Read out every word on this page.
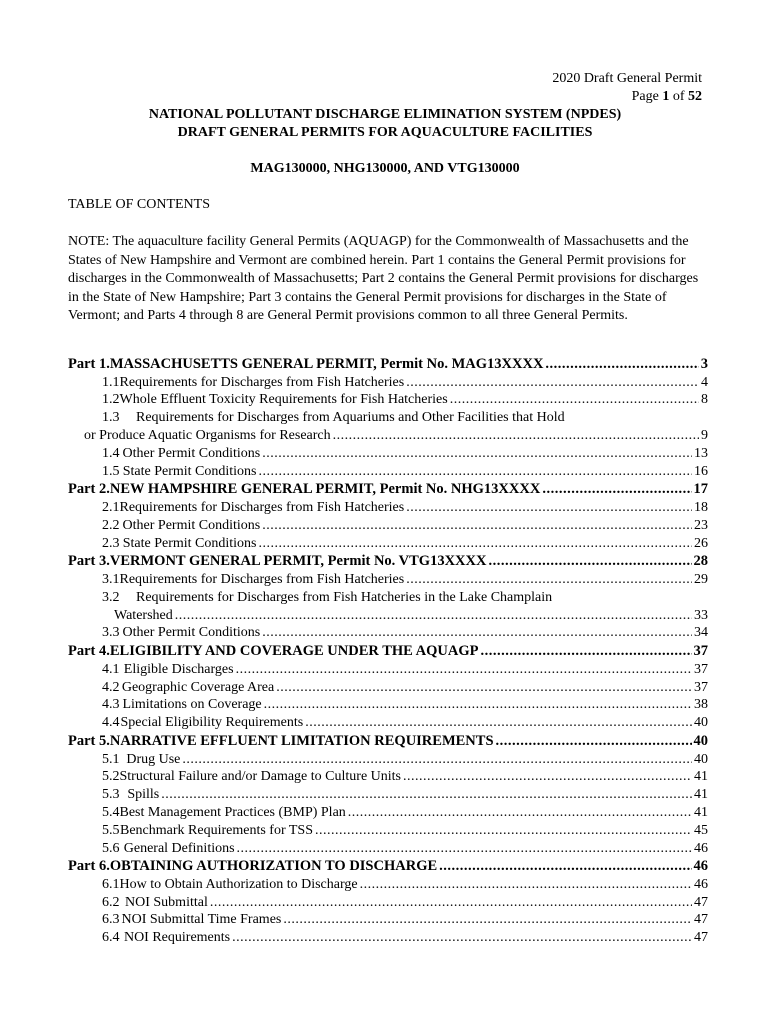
2020 Draft General Permit
Page 1 of 52
NATIONAL POLLUTANT DISCHARGE ELIMINATION SYSTEM (NPDES)
DRAFT GENERAL PERMITS FOR AQUACULTURE FACILITIES
MAG130000, NHG130000, AND VTG130000
TABLE OF CONTENTS
NOTE: The aquaculture facility General Permits (AQUAGP) for the Commonwealth of Massachusetts and the States of New Hampshire and Vermont are combined herein. Part 1 contains the General Permit provisions for discharges in the Commonwealth of Massachusetts; Part 2 contains the General Permit provisions for discharges in the State of New Hampshire; Part 3 contains the General Permit provisions for discharges in the State of Vermont; and Parts 4 through 8 are General Permit provisions common to all three General Permits.
Part 1. MASSACHUSETTS GENERAL PERMIT, Permit No. MAG13XXXX .....	3
1.1 Requirements for Discharges from Fish Hatcheries .....	4
1.2 Whole Effluent Toxicity Requirements for Fish Hatcheries .....	8
1.3 Requirements for Discharges from Aquariums and Other Facilities that Hold
or Produce Aquatic Organisms for Research .....	9
1.4 Other Permit Conditions .....	13
1.5 State Permit Conditions .....	16
Part 2. NEW HAMPSHIRE GENERAL PERMIT, Permit No. NHG13XXXX .....	17
2.1 Requirements for Discharges from Fish Hatcheries .....	18
2.2 Other Permit Conditions .....	23
2.3 State Permit Conditions .....	26
Part 3. VERMONT GENERAL PERMIT, Permit No. VTG13XXXX .....	28
3.1 Requirements for Discharges from Fish Hatcheries .....	29
3.2 Requirements for Discharges from Fish Hatcheries in the Lake Champlain
Watershed .....	33
3.3 Other Permit Conditions .....	34
Part 4. ELIGIBILITY AND COVERAGE UNDER THE AQUAGP .....	37
4.1 Eligible Discharges .....	37
4.2 Geographic Coverage Area .....	37
4.3 Limitations on Coverage .....	38
4.4 Special Eligibility Requirements .....	40
Part 5. NARRATIVE EFFLUENT LIMITATION REQUIREMENTS .....	40
5.1 Drug Use .....	40
5.2 Structural Failure and/or Damage to Culture Units .....	41
5.3 Spills .....	41
5.4 Best Management Practices (BMP) Plan .....	41
5.5 Benchmark Requirements for TSS .....	45
5.6 General Definitions .....	46
Part 6. OBTAINING AUTHORIZATION TO DISCHARGE .....	46
6.1 How to Obtain Authorization to Discharge .....	46
6.2 NOI Submittal .....	47
6.3 NOI Submittal Time Frames .....	47
6.4 NOI Requirements .....	47
